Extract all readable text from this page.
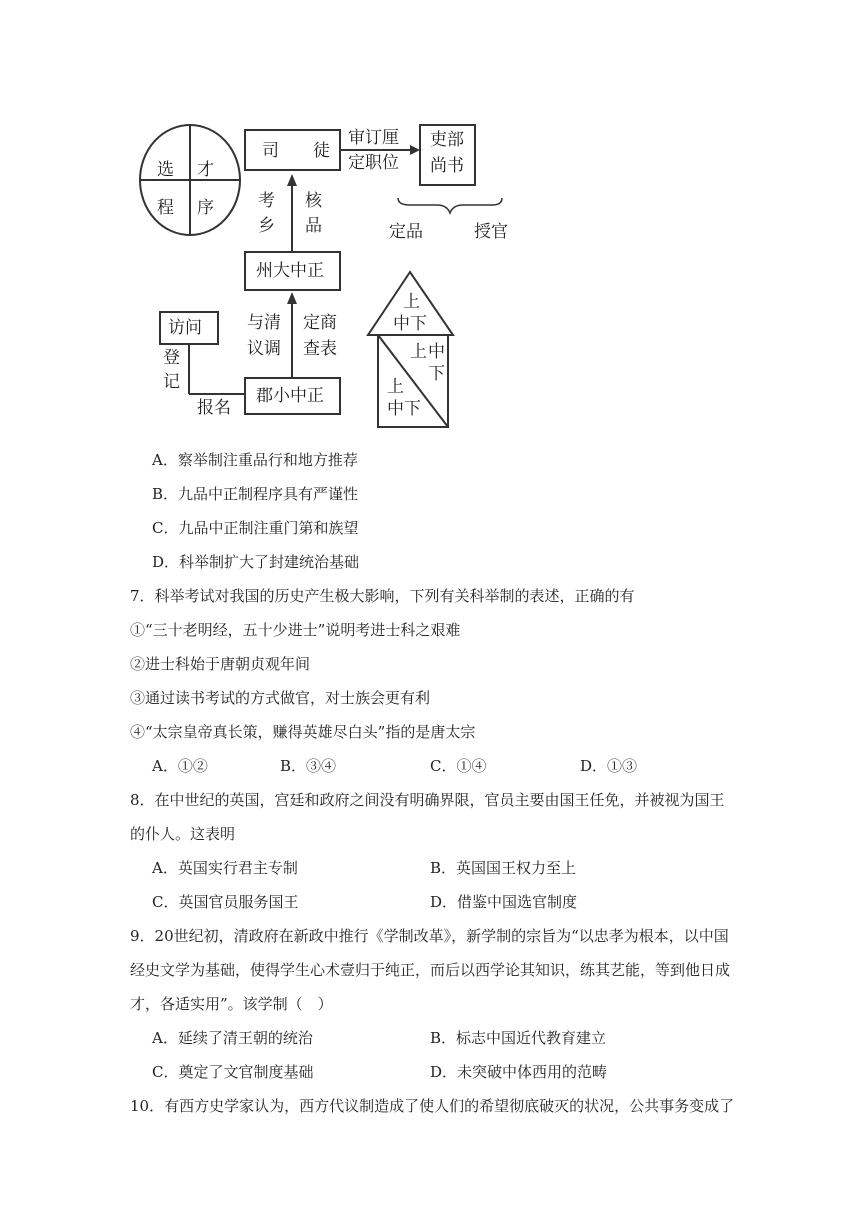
选 才
程 序
司　　徒
审订厘
定职位
吏部
尚书
定品	授官
考
乡
核
品
州大中正
与清
议调
定商
查表
访问
登
记
报名
郡小中正
上
中下
上 中
下
上
中下
A．察举制注重品行和地方推荐
B．九品中正制程序具有严谨性
C．九品中正制注重门第和族望
D．科举制扩大了封建统治基础
7．科举考试对我国的历史产生极大影响，下列有关科举制的表述，正确的有
①“三十老明经，五十少进士”说明考进士科之艰难
②进士科始于唐朝贞观年间
③通过读书考试的方式做官，对士族会更有利
④“太宗皇帝真长策，赚得英雄尽白头”指的是唐太宗
A．①②	B．③④	C．①④	D．①③
8．在中世纪的英国，宫廷和政府之间没有明确界限，官员主要由国王任免，并被视为国王
的仆人。这表明
A．英国实行君主专制	B．英国国王权力至上
C．英国官员服务国王	D．借鉴中国选官制度
9．20世纪初，清政府在新政中推行《学制改革》，新学制的宗旨为“以忠孝为根本，以中国
经史文学为基础，使得学生心术壹归于纯正，而后以西学论其知识，练其艺能，等到他日成
才，各适实用”。该学制（　）
A．延续了清王朝的统治	B．标志中国近代教育建立
C．奠定了文官制度基础	D．未突破中体西用的范畴
10．有西方史学家认为，西方代议制造成了使人们的希望彻底破灭的状况，公共事务变成了
